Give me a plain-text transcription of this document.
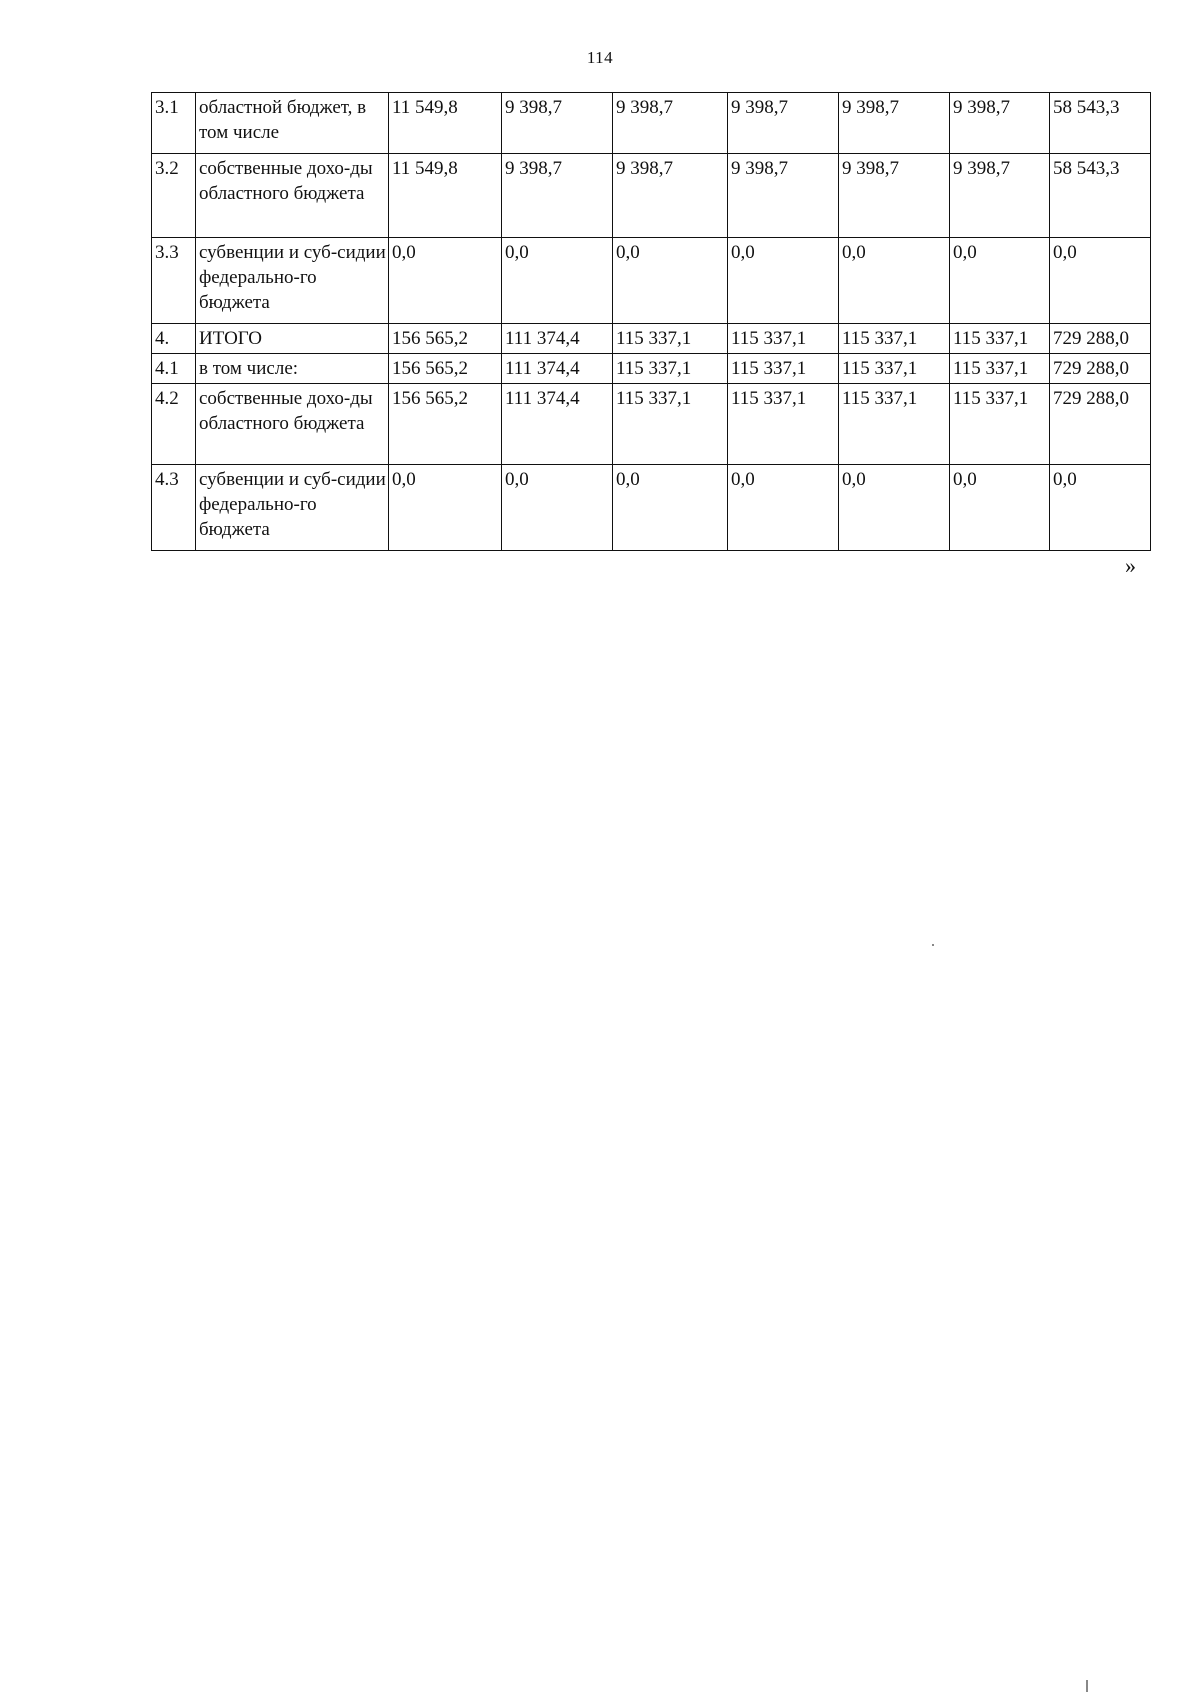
114
3.1	областной бюджет, в том числе	11 549,8	9 398,7	9 398,7	9 398,7	9 398,7	9 398,7	58 543,3
3.2	собственные дохо-ды областного бюджета	11 549,8	9 398,7	9 398,7	9 398,7	9 398,7	9 398,7	58 543,3
3.3	субвенции и суб-сидии федерально-го бюджета	0,0	0,0	0,0	0,0	0,0	0,0	0,0
4.	ИТОГО	156 565,2	111 374,4	115 337,1	115 337,1	115 337,1	115 337,1	729 288,0
4.1	в том числе:	156 565,2	111 374,4	115 337,1	115 337,1	115 337,1	115 337,1	729 288,0
4.2	собственные дохо-ды областного бюджета	156 565,2	111 374,4	115 337,1	115 337,1	115 337,1	115 337,1	729 288,0
4.3	субвенции и суб-сидии федерально-го бюджета	0,0	0,0	0,0	0,0	0,0	0,0	0,0
»
